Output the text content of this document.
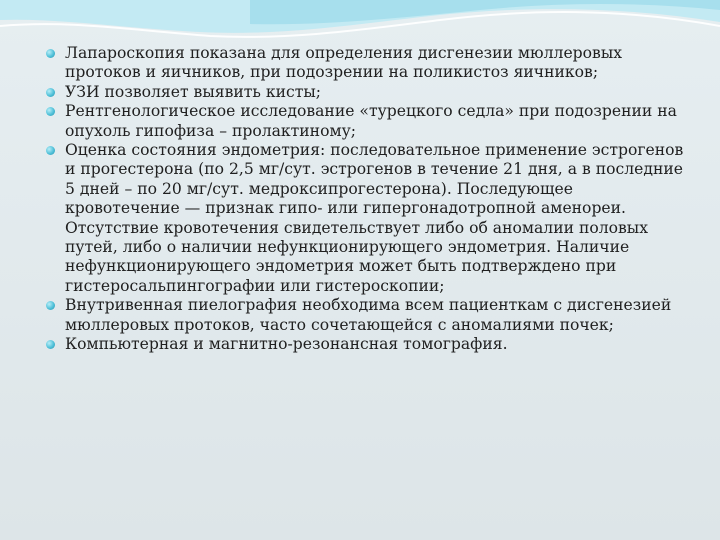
Лапароскопия показана для определения дисгенезии мюллеровых протоков и яичников, при подозрении на поликистоз яичников;
УЗИ позволяет выявить кисты;
Рентгенологическое исследование «турецкого седла» при подозрении на опухоль гипофиза – пролактиному;
Оценка состояния эндометрия: последовательное применение эстрогенов и прогестерона (по 2,5 мг/сут. эстрогенов в течение 21 дня, а в последние 5 дней – по 20 мг/сут. медроксипрогестерона). Последующее кровотечение — признак гипо- или гипергонадотропной аменореи. Отсутствие кровотечения свидетельствует либо об аномалии половых путей, либо о наличии нефункционирующего эндометрия. Наличие нефункционирующего эндометрия может быть подтверждено при гистеросальпингографии или гистероскопии;
Внутривенная пиелография необходима всем пациенткам с дисгенезией мюллеровых протоков, часто сочетающейся с аномалиями почек;
Компьютерная и магнитно-резонансная томография.
